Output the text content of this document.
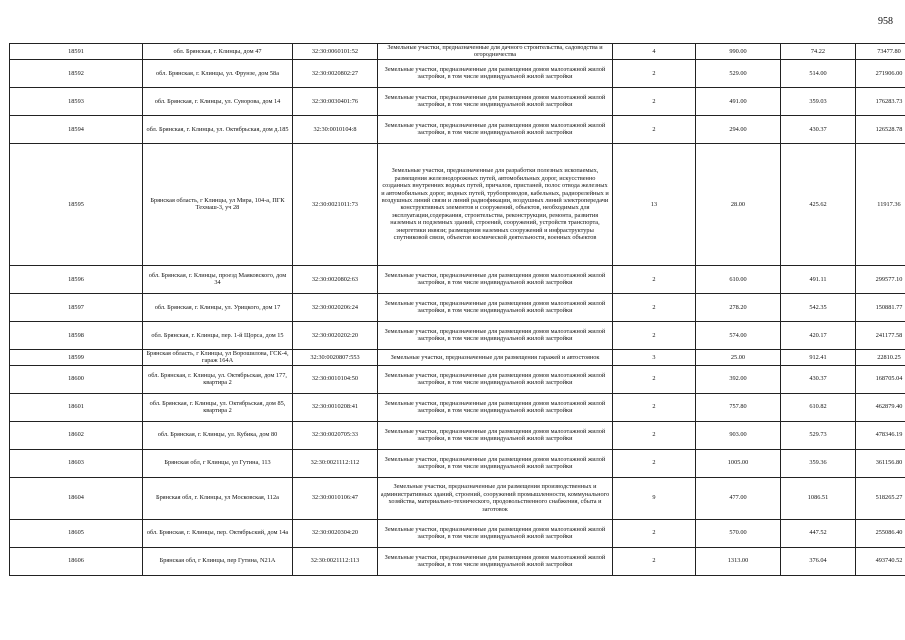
958
18591	обл. Брянская, г. Клинцы, дом 47	32:30:0060101:52	Земельные участки, предназначенные для дачного строительства, садоводства и огородничества	4	990.00	74.22	73477.80
18592	обл. Брянская, г. Клинцы, ул. Фрунзе, дом 58а	32:30:0020802:27	Земельные участки, предназначенные для размещения домов малоэтажной жилой застройки, в том числе индивидуальной жилой застройки	2	529.00	514.00	271906.00
18593	обл. Брянская, г. Клинцы, ул. Суворова, дом 14	32:30:0030401:76	Земельные участки, предназначенные для размещения домов малоэтажной жилой застройки, в том числе индивидуальной жилой застройки	2	491.00	359.03	176283.73
18594	обл. Брянская, г. Клинцы, ул. Октябрьская, дом д.185	32:30:0010104:8	Земельные участки, предназначенные для размещения домов малоэтажной жилой застройки, в том числе индивидуальной жилой застройки	2	294.00	430.37	126528.78
18595	Брянская область, г Клинцы, ул Мира, 104-а, ПГК Техмаш-3, уч 28	32:30:0021011:73	Земельные участки, предназначенные для разработки полезных ископаемых, размещения железнодорожных путей, автомобильных дорог, искусственно созданных внутренних водных путей, причалов, пристаней, полос отвода железных и автомобильных дорог, водных путей, трубопроводов, кабельных, радиорелейных и воздушных линий связи и линий радиофикации, воздушных линий электропередачи конструктивных элементов и сооружений, объектов, необходимых для эксплуатации,содержания, строительства, реконструкции, ремонта, развития наземных и подземных зданий, строений, сооружений, устройств транспорта, энергетики иsвязи; размещения наземных сооружений и инфраструктуры спутниковой связи, объектов космической деятельности, военных объектов	13	28.00	425.62	11917.36
18596	обл. Брянская, г. Клинцы, проезд Маяковского, дом 34	32:30:0020802:63	Земельные участки, предназначенные для размещения домов малоэтажной жилой застройки, в том числе индивидуальной жилой застройки	2	610.00	491.11	299577.10
18597	обл. Брянская, г. Клинцы, ул. Урицкого, дом 17	32:30:0020206:24	Земельные участки, предназначенные для размещения домов малоэтажной жилой застройки, в том числе индивидуальной жилой застройки	2	278.20	542.35	150881.77
18598	обл. Брянская, г. Клинцы, пер. 1-й Щорса, дом 15	32:30:0020202:20	Земельные участки, предназначенные для размещения домов малоэтажной жилой застройки, в том числе индивидуальной жилой застройки	2	574.00	420.17	241177.58
18599	Брянская область, г Клинцы, ул Ворошилова, ГСК-4, гараж 164А	32:30:0020807:553	Земельные участки, предназначенные для размещения гаражей и автостоянок	3	25.00	912.41	22810.25
18600	обл. Брянская, г. Клинцы, ул. Октябрьская, дом 177, квартира 2	32:30:0010104:50	Земельные участки, предназначенные для размещения домов малоэтажной жилой застройки, в том числе индивидуальной жилой застройки	2	392.00	430.37	168705.04
18601	обл. Брянская, г. Клинцы, ул. Октябрьская, дом 85, квартира 2	32:30:0010208:41	Земельные участки, предназначенные для размещения домов малоэтажной жилой застройки, в том числе индивидуальной жилой застройки	2	757.80	610.82	462879.40
18602	обл. Брянская, г. Клинцы, ул. Кубика, дом 80	32:30:0020705:33	Земельные участки, предназначенные для размещения домов малоэтажной жилой застройки, в том числе индивидуальной жилой застройки	2	903.00	529.73	478346.19
18603	Брянская обл, г Клинцы, ул Гутина, 113	32:30:0021112:112	Земельные участки, предназначенные для размещения домов малоэтажной жилой застройки, в том числе индивидуальной жилой застройки	2	1005.00	359.36	361156.80
18604	Брянская обл, г. Клинцы, ул Московская, 112а	32:30:0010106:47	Земельные участки, предназначенные для размещения производственных и административных зданий, строений, сооружений промышленности, коммунального хозяйства, материально-технического, продовольственного снабжения, сбыта и заготовок	9	477.00	1086.51	518265.27
18605	обл. Брянская, г. Клинцы, пер. Октябрьский, дом 14а	32:30:0020304:20	Земельные участки, предназначенные для размещения домов малоэтажной жилой застройки, в том числе индивидуальной жилой застройки	2	570.00	447.52	255086.40
18606	Брянская обл, г Клинцы, пер Гутина, N21А	32:30:0021112:113	Земельные участки, предназначенные для размещения домов малоэтажной жилой застройки, в том числе индивидуальной жилой застройки	2	1313.00	376.04	493740.52
